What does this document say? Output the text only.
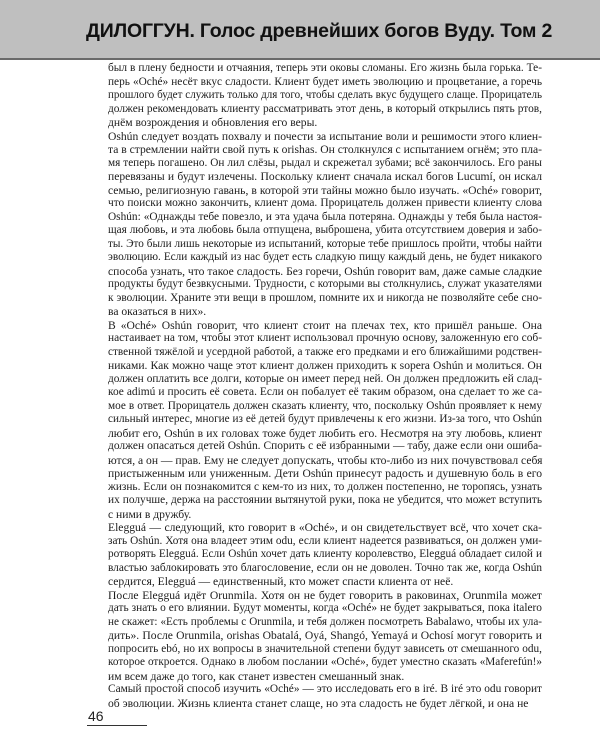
ДИЛОГГУН. Голос древнейших богов Вуду. Том 2

был в плену бедности и отчаяния, теперь эти оковы сломаны. Его жизнь была горька. Те-
перь «Oché» несёт вкус сладости. Клиент будет иметь эволюцию и процветание, а горечь
прошлого будет служить только для того, чтобы сделать вкус будущего слаще. Прорицатель
должен рекомендовать клиенту рассматривать этот день, в который открылись пять ртов,
днём возрождения и обновления его веры.

Oshún следует воздать похвалу и почести за испытание воли и решимости этого клиен-
та в стремлении найти свой путь к orishas. Он столкнулся с испытанием огнём; это пла-
мя теперь погашено. Он лил слёзы, рыдал и скрежетал зубами; всё закончилось. Его раны
перевязаны и будут излечены. Поскольку клиент сначала искал богов Lucumí, он искал
семью, религиозную гавань, в которой эти тайны можно было изучать. «Oché» говорит,
что поиски можно закончить, клиент дома. Прорицатель должен привести клиенту слова
Oshún: «Однажды тебе повезло, и эта удача была потеряна. Однажды у тебя была настоя-
щая любовь, и эта любовь была отпущена, выброшена, убита отсутствием доверия и забо-
ты. Это были лишь некоторые из испытаний, которые тебе пришлось пройти, чтобы найти
эволюцию. Если каждый из нас будет есть сладкую пищу каждый день, не будет никакого
способа узнать, что такое сладость. Без горечи, Oshún говорит вам, даже самые сладкие
продукты будут безвкусными. Трудности, с которыми вы столкнулись, служат указателями
к эволюции. Храните эти вещи в прошлом, помните их и никогда не позволяйте себе сно-
ва оказаться в них».

В «Oché» Oshún говорит, что клиент стоит на плечах тех, кто пришёл раньше. Она
настаивает на том, чтобы этот клиент использовал прочную основу, заложенную его соб-
ственной тяжёлой и усердной работой, а также его предками и его ближайшими родствен-
никами. Как можно чаще этот клиент должен приходить к sopera Oshún и молиться. Он
должен оплатить все долги, которые он имеет перед ней. Он должен предложить ей слад-
кое adimú и просить её совета. Если он побалует её таким образом, она сделает то же са-
мое в ответ. Прорицатель должен сказать клиенту, что, поскольку Oshún проявляет к нему
сильный интерес, многие из её детей будут привлечены к его жизни. Из-за того, что Oshún
любит его, Oshún в их головах тоже будет любить его. Несмотря на эту любовь, клиент
должен опасаться детей Oshún. Спорить с её избранными — табу, даже если они ошиба-
ются, а он — прав. Ему не следует допускать, чтобы кто-либо из них почувствовал себя
пристыженным или униженным. Дети Oshún принесут радость и душевную боль в его
жизнь. Если он познакомится с кем-то из них, то должен постепенно, не торопясь, узнать
их получше, держа на расстоянии вытянутой руки, пока не убедится, что может вступить
с ними в дружбу.

Elegguá — следующий, кто говорит в «Oché», и он свидетельствует всё, что хочет ска-
зать Oshún. Хотя она владеет этим odu, если клиент надеется развиваться, он должен уми-
ротворять Elegguá. Если Oshún хочет дать клиенту королевство, Elegguá обладает силой и
властью заблокировать это благословение, если он не доволен. Точно так же, когда Oshún
сердится, Elegguá — единственный, кто может спасти клиента от неё.

После Elegguá идёт Orunmila. Хотя он не будет говорить в раковинах, Orunmila может
дать знать о его влиянии. Будут моменты, когда «Oché» не будет закрываться, пока italero
не скажет: «Есть проблемы с Orunmila, и тебя должен посмотреть Babalawo, чтобы их ула-
дить». После Orunmila, orishas Obatalá, Oyá, Shangó, Yemayá и Ochosí могут говорить и
попросить ebó, но их вопросы в значительной степени будут зависеть от смешанного odu,
которое откроется. Однако в любом послании «Oché», будет уместно сказать «Maferefún!»
им всем даже до того, как станет известен смешанный знак.

Самый простой способ изучить «Oché» — это исследовать его в iré. В iré это odu говорит
об эволюции. Жизнь клиента станет слаще, но эта сладость не будет лёгкой, и она не

46
